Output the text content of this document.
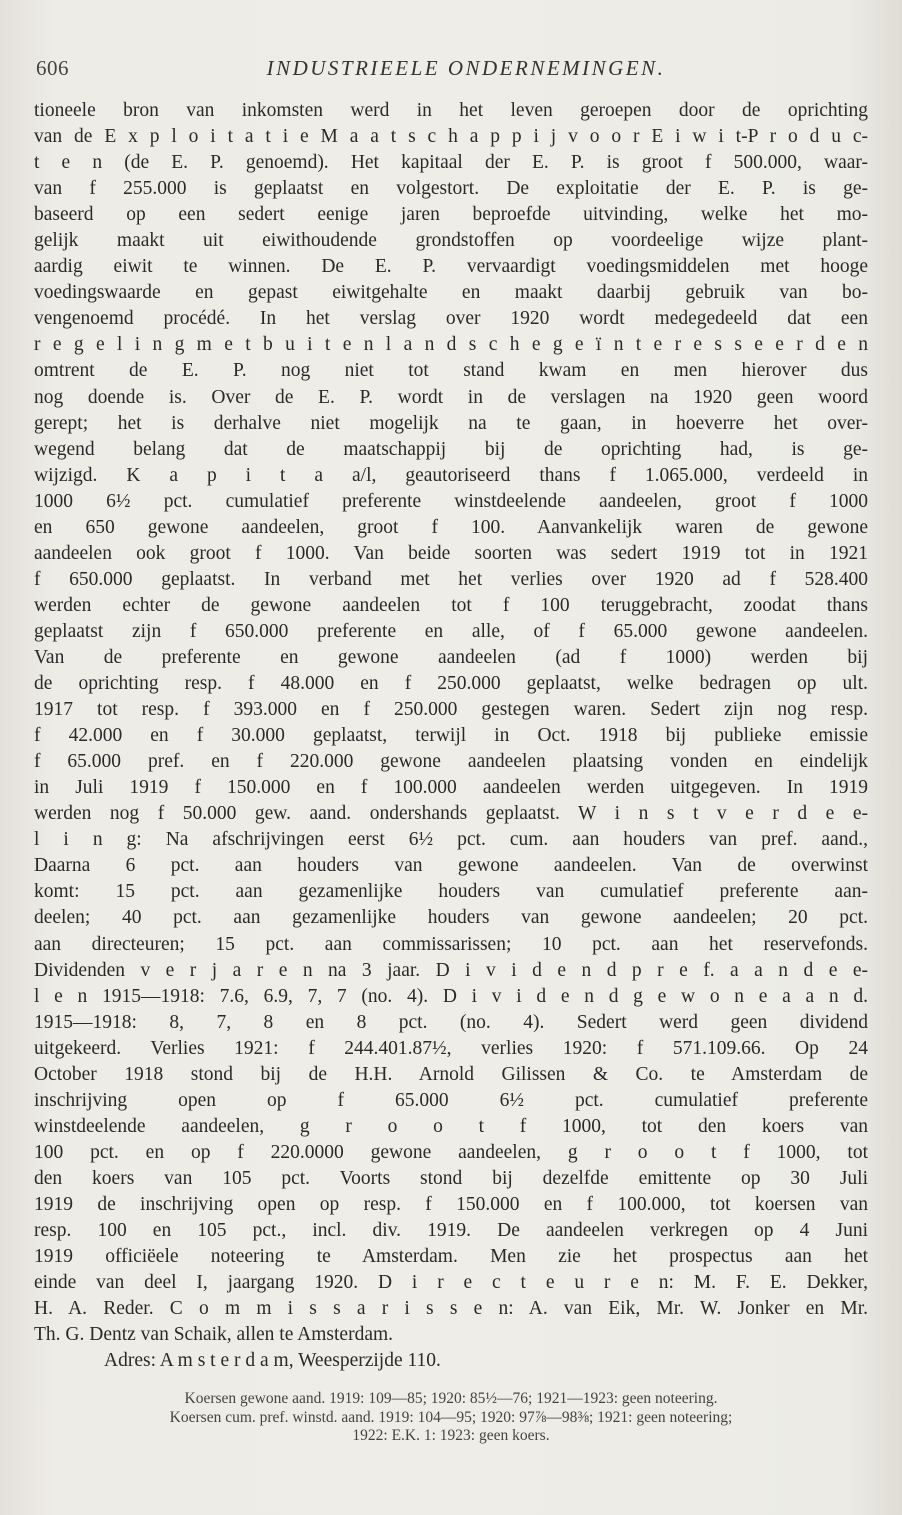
606	INDUSTRIEELE ONDERNEMINGEN.
tioneele bron van inkomsten werd in het leven geroepen door de oprichting
van de E x p l o i t a t i e M a a t s c h a p p i j v o o r E i w i t-P r o d u c-
t e n (de E. P. genoemd). Het kapitaal der E. P. is groot f 500.000, waar-
van f 255.000 is geplaatst en volgestort. De exploitatie der E. P. is ge-
baseerd op een sedert eenige jaren beproefde uitvinding, welke het mo-
gelijk maakt uit eiwithoudende grondstoffen op voordeelige wijze plant-
aardig eiwit te winnen. De E. P. vervaardigt voedingsmiddelen met hooge
voedingswaarde en gepast eiwitgehalte en maakt daarbij gebruik van bo-
vengenoemd procédé. In het verslag over 1920 wordt medegedeeld dat een
r e g e l i n g m e t b u i t e n l a n d s c h e g e ï n t e r e s s e e r d e n
omtrent de E. P. nog niet tot stand kwam en men hierover dus
nog doende is. Over de E. P. wordt in de verslagen na 1920 geen woord
gerept; het is derhalve niet mogelijk na te gaan, in hoeverre het over-
wegend belang dat de maatschappij bij de oprichting had, is ge-
wijzigd. K a p i t a a/l, geautoriseerd thans f 1.065.000, verdeeld in
1000 6½ pct. cumulatief preferente winstdeelende aandeelen, groot f 1000
en 650 gewone aandeelen, groot f 100. Aanvankelijk waren de gewone
aandeelen ook groot f 1000. Van beide soorten was sedert 1919 tot in 1921
f 650.000 geplaatst. In verband met het verlies over 1920 ad f 528.400
werden echter de gewone aandeelen tot f 100 teruggebracht, zoodat thans
geplaatst zijn f 650.000 preferente en alle, of f 65.000 gewone aandeelen.
Van de preferente en gewone aandeelen (ad f 1000) werden bij
de oprichting resp. f 48.000 en f 250.000 geplaatst, welke bedragen op ult.
1917 tot resp. f 393.000 en f 250.000 gestegen waren. Sedert zijn nog resp.
f 42.000 en f 30.000 geplaatst, terwijl in Oct. 1918 bij publieke emissie
f 65.000 pref. en f 220.000 gewone aandeelen plaatsing vonden en eindelijk
in Juli 1919 f 150.000 en f 100.000 aandeelen werden uitgegeven. In 1919
werden nog f 50.000 gew. aand. ondershands geplaatst. W i n s t v e r d e e-
l i n g: Na afschrijvingen eerst 6½ pct. cum. aan houders van pref. aand.,
Daarna 6 pct. aan houders van gewone aandeelen. Van de overwinst
komt: 15 pct. aan gezamenlijke houders van cumulatief preferente aan-
deelen; 40 pct. aan gezamenlijke houders van gewone aandeelen; 20 pct.
aan directeuren; 15 pct. aan commissarissen; 10 pct. aan het reservefonds.
Dividenden v e r j a r e n na 3 jaar. D i v i d e n d p r e f. a a n d e e-
l e n 1915—1918: 7.6, 6.9, 7, 7 (no. 4). D i v i d e n d g e w o n e a a n d.
1915—1918: 8, 7, 8 en 8 pct. (no. 4). Sedert werd geen dividend
uitgekeerd. Verlies 1921: f 244.401.87½, verlies 1920: f 571.109.66. Op 24
October 1918 stond bij de H.H. Arnold Gilissen & Co. te Amsterdam de
inschrijving open op f 65.000 6½ pct. cumulatief preferente
winstdeelende aandeelen, g r o o t f 1000, tot den koers van
100 pct. en op f 220.0000 gewone aandeelen, g r o o t f 1000, tot
den koers van 105 pct. Voorts stond bij dezelfde emittente op 30 Juli
1919 de inschrijving open op resp. f 150.000 en f 100.000, tot koersen van
resp. 100 en 105 pct., incl. div. 1919. De aandeelen verkregen op 4 Juni
1919 officiëele noteering te Amsterdam. Men zie het prospectus aan het
einde van deel I, jaargang 1920. D i r e c t e u r e n: M. F. E. Dekker,
H. A. Reder. C o m m i s s a r i s s e n: A. van Eik, Mr. W. Jonker en Mr.
Th. G. Dentz van Schaik, allen te Amsterdam.
Adres: A m s t e r d a m, Weesperzijde 110.
Koersen gewone aand. 1919: 109—85; 1920: 85½—76; 1921—1923: geen noteering.
Koersen cum. pref. winstd. aand. 1919: 104—95; 1920: 97⅞—98⅜; 1921: geen noteering;
1922: E.K. 1: 1923: geen koers.
